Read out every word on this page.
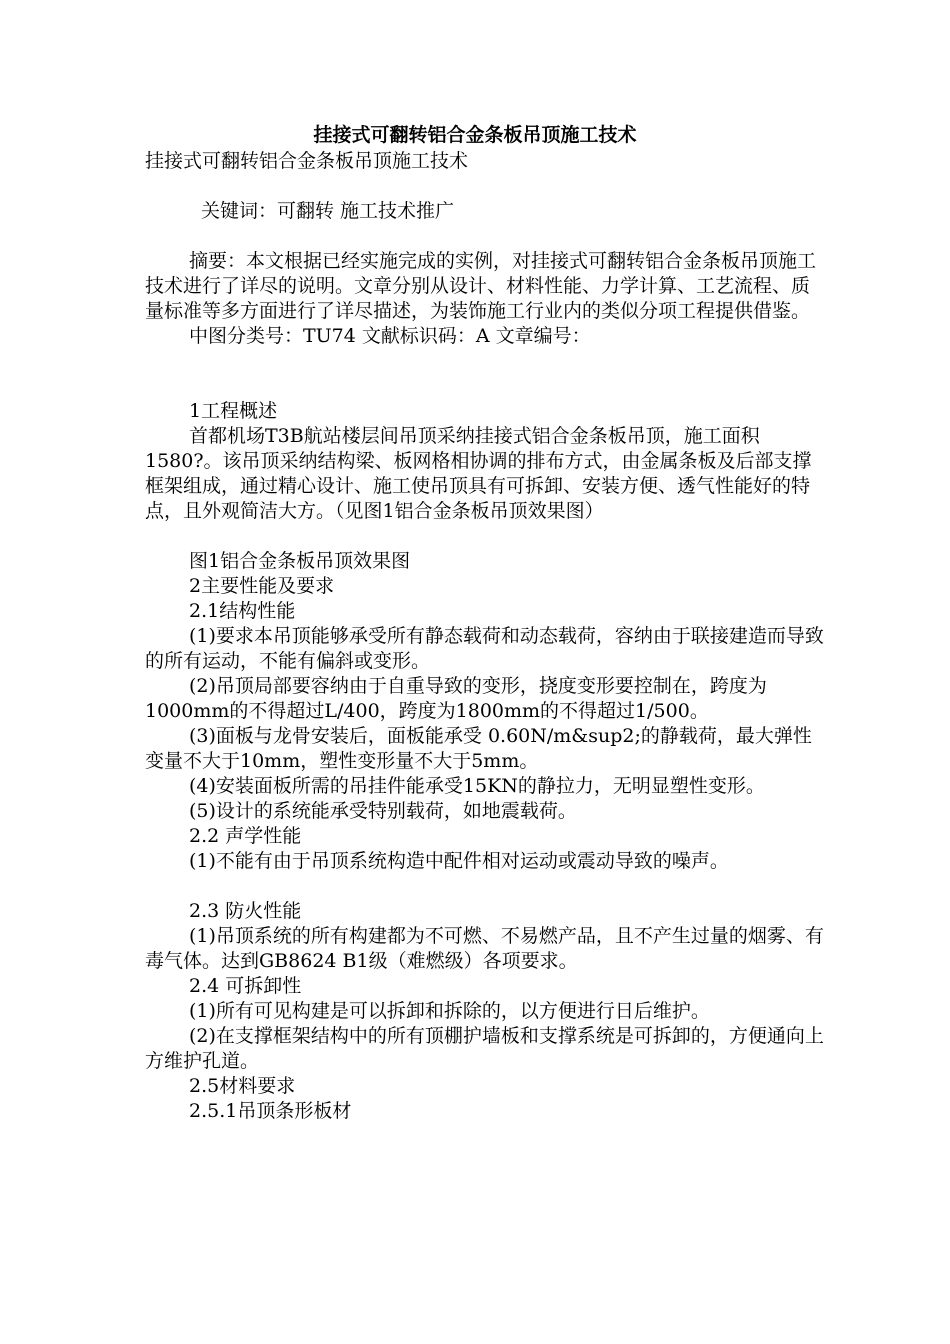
挂接式可翻转铝合金条板吊顶施工技术

挂接式可翻转铝合金条板吊顶施工技术

关键词：可翻转 施工技术推广

摘要：本文根据已经实施完成的实例，对挂接式可翻转铝合金条板吊顶施工技术进行了详尽的说明。文章分别从设计、材料性能、力学计算、工艺流程、质量标准等多方面进行了详尽描述，为装饰施工行业内的类似分项工程提供借鉴。

中图分类号：TU74 文献标识码：A 文章编号：

1工程概述

首都机场T3B航站楼层间吊顶采纳挂接式铝合金条板吊顶，施工面积1580?。该吊顶采纳结构梁、板网格相协调的排布方式，由金属条板及后部支撑框架组成，通过精心设计、施工使吊顶具有可拆卸、安装方便、透气性能好的特点，且外观简洁大方。（见图1铝合金条板吊顶效果图）

图1铝合金条板吊顶效果图

2主要性能及要求

2.1结构性能

(1)要求本吊顶能够承受所有静态载荷和动态载荷，容纳由于联接建造而导致的所有运动，不能有偏斜或变形。

(2)吊顶局部要容纳由于自重导致的变形，挠度变形要控制在，跨度为1000mm的不得超过L/400，跨度为1800mm的不得超过1/500。

(3)面板与龙骨安装后，面板能承受 0.60N/m&sup2;的静载荷，最大弹性变量不大于10mm，塑性变形量不大于5mm。

(4)安装面板所需的吊挂件能承受15KN的静拉力，无明显塑性变形。

(5)设计的系统能承受特别载荷，如地震载荷。

2.2 声学性能

(1)不能有由于吊顶系统构造中配件相对运动或震动导致的噪声。

2.3 防火性能

(1)吊顶系统的所有构建都为不可燃、不易燃产品，且不产生过量的烟雾、有毒气体。达到GB8624 B1级（难燃级）各项要求。

2.4 可拆卸性

(1)所有可见构建是可以拆卸和拆除的，以方便进行日后维护。

(2)在支撑框架结构中的所有顶棚护墙板和支撑系统是可拆卸的，方便通向上方维护孔道。

2.5材料要求

2.5.1吊顶条形板材
